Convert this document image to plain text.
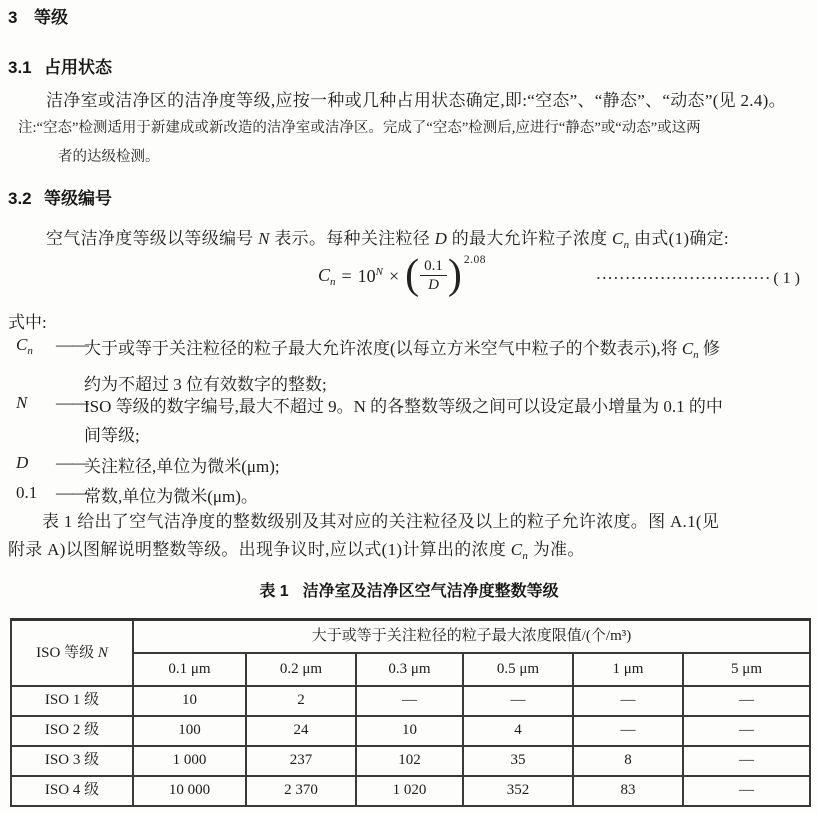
3 等级
3.1 占用状态
洁净室或洁净区的洁净度等级,应按一种或几种占用状态确定,即:“空态”、“静态”、“动态”(见 2.4)。
注:“空态”检测适用于新建成或新改造的洁净室或洁净区。完成了“空态”检测后,应进行“静态”或“动态”或这两
者的达级检测。
3.2 等级编号
空气洁净度等级以等级编号 N 表示。每种关注粒径 D 的最大允许粒子浓度 $C_n$ 由式(1)确定:
$C_n = 10^N$ × ( $\frac{0.1}{D}$ ) 2.08
······························ ( 1 )
式中:
$C_n$ ——
大于或等于关注粒径的粒子最大允许浓度(以每立方米空气中粒子的个数表示),将 $C_n$ 修
约为不超过 3 位有效数字的整数;
N ——
ISO 等级的数字编号,最大不超过 9。N 的各整数等级之间可以设定最小增量为 0.1 的中
间等级;
D ——
关注粒径,单位为微米(μm);
0.1 ——
常数,单位为微米(μm)。
表 1 给出了空气洁净度的整数级别及其对应的关注粒径及以上的粒子允许浓度。图 A.1(见
附录 A)以图解说明整数等级。出现争议时,应以式(1)计算出的浓度 $C_n$ 为准。
表 1 洁净室及洁净区空气洁净度整数等级
ISO 等级 N	大于或等于关注粒径的粒子最大浓度限值/(个/m³)					
	0.1 μm	0.2 μm	0.3 μm	0.5 μm	1 μm	5 μm
ISO 1 级	10	2	—	—	—	—
ISO 2 级	100	24	10	4	—	—
ISO 3 级	1 000	237	102	35	8	—
ISO 4 级	10 000	2 370	1 020	352	83	—
